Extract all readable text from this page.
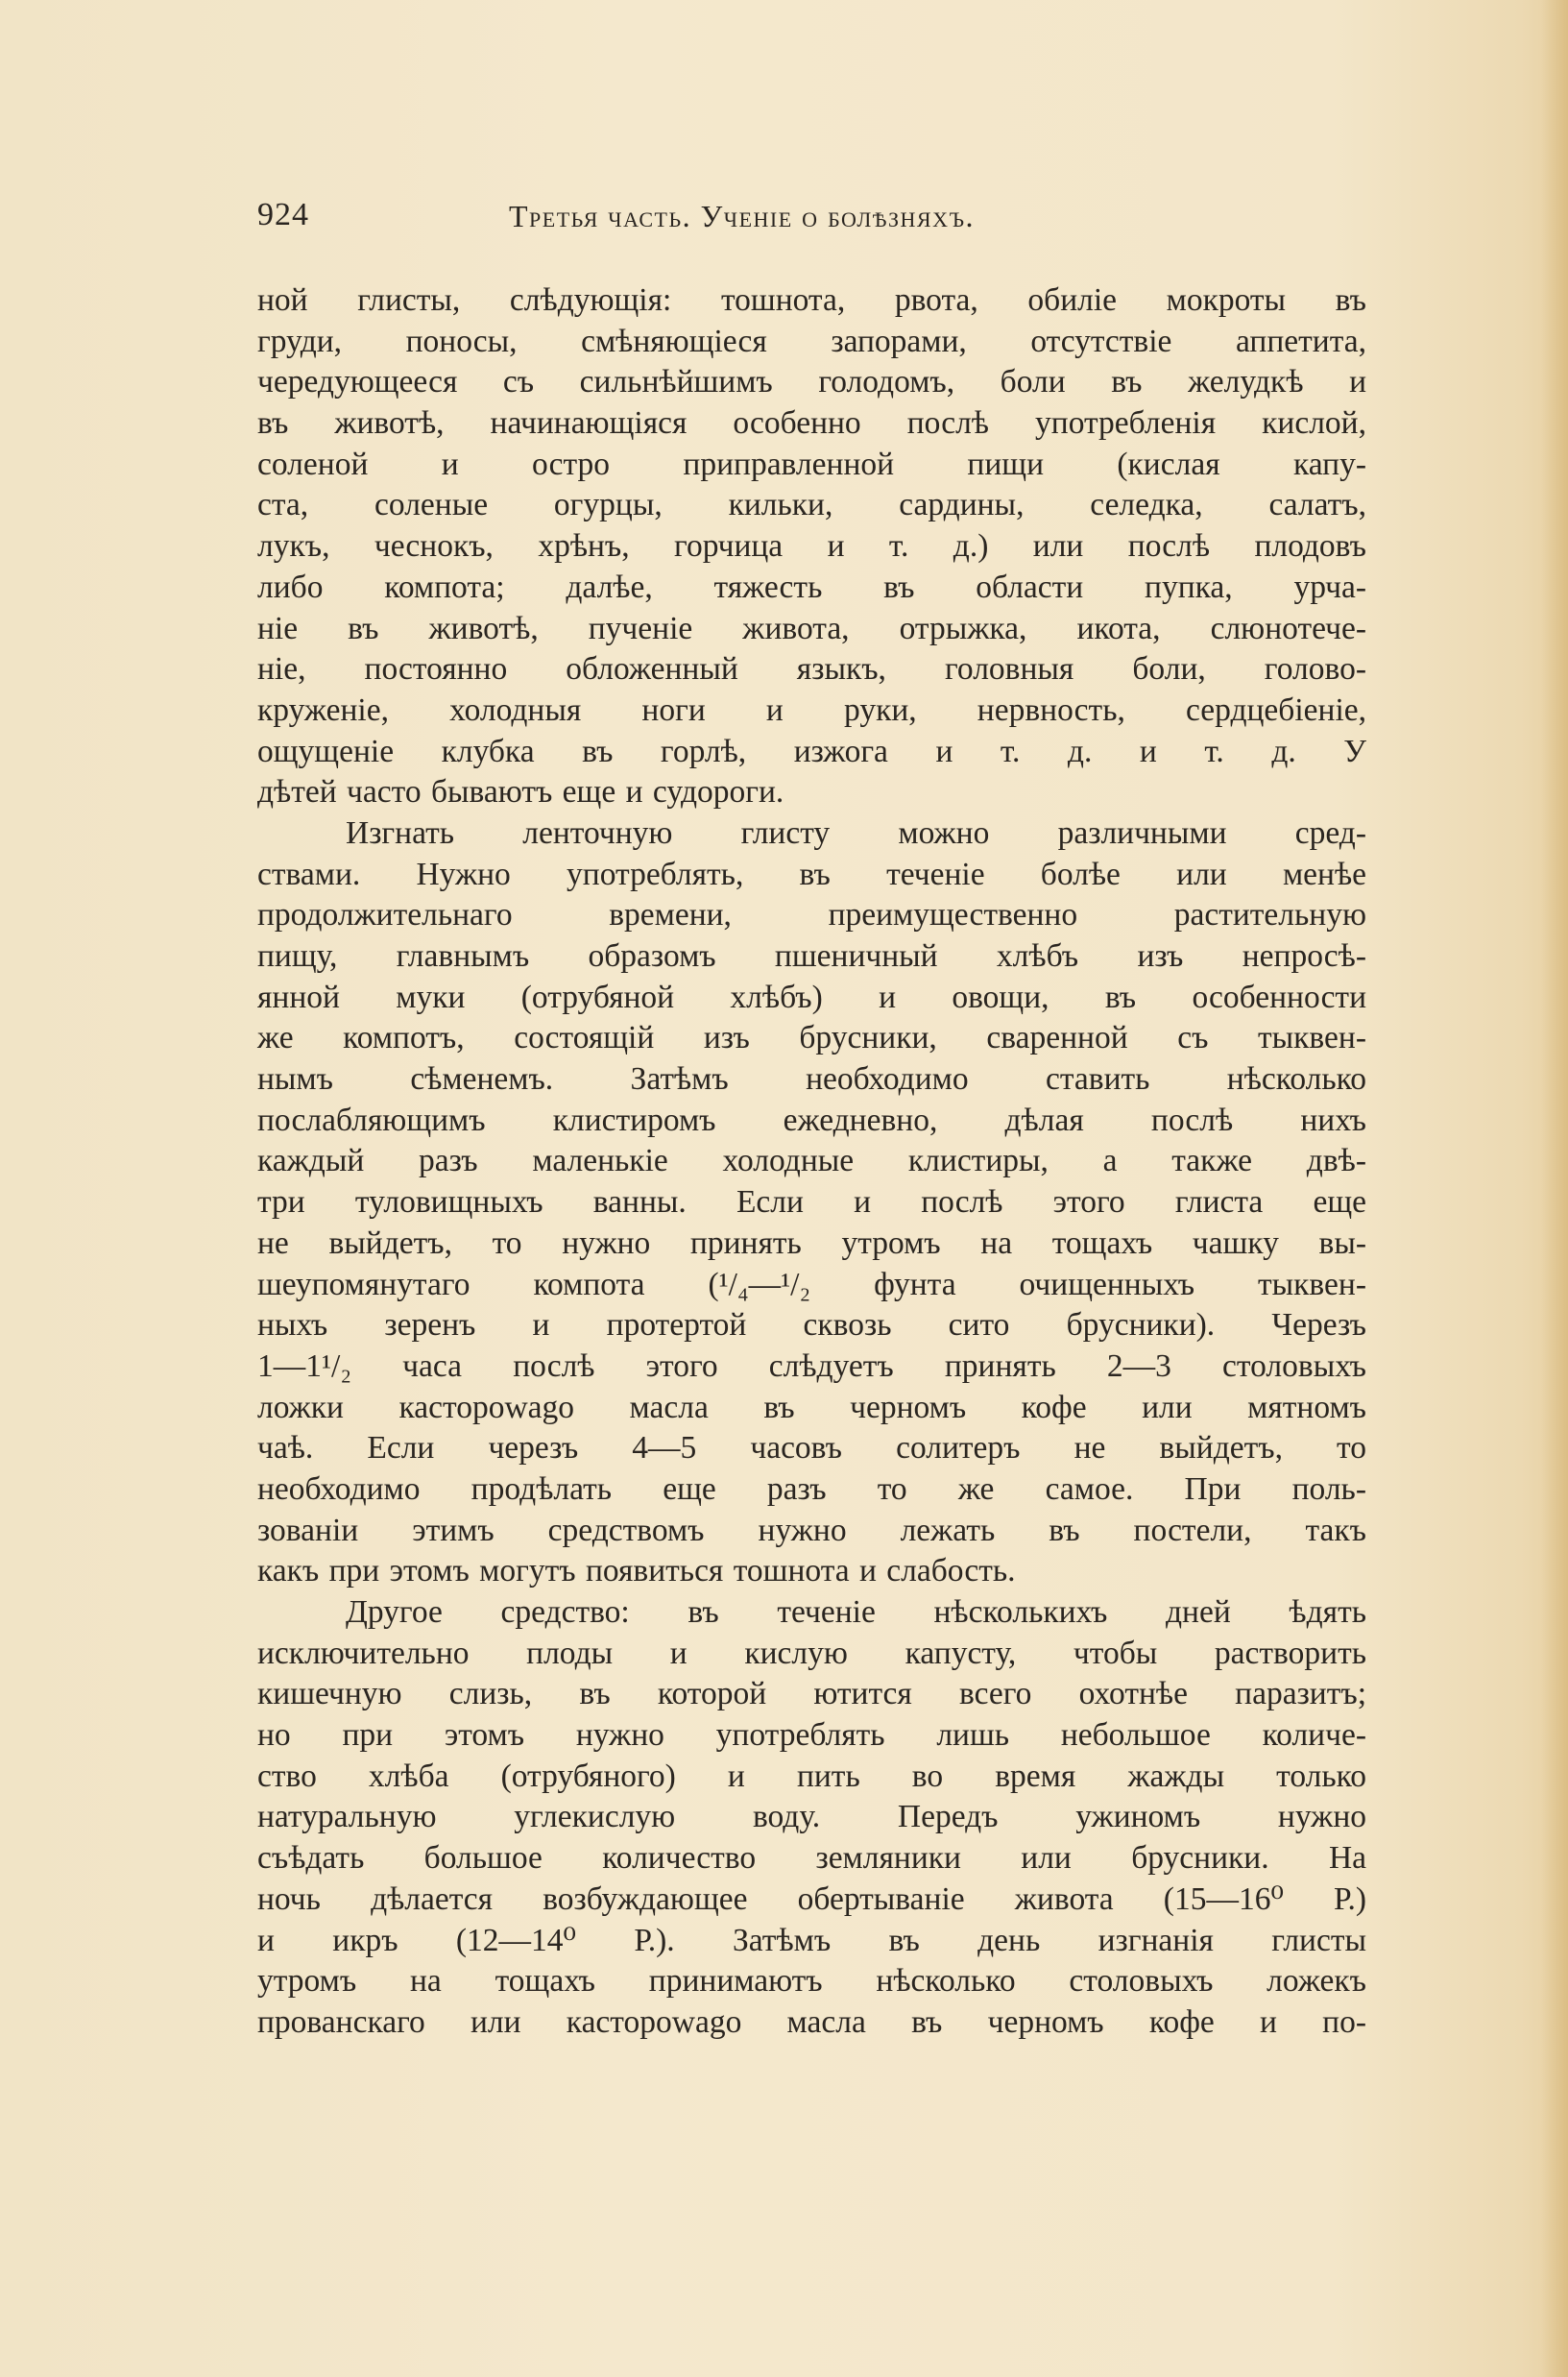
924	Третья часть. Ученіе о болѣзняхъ.
ной глисты, слѣдующія: тошнота, рвота, обиліе мокроты въ
груди, поносы, смѣняющіеся запорами, отсутствіе аппетита,
чередующееся съ сильнѣйшимъ голодомъ, боли въ желудкѣ и
въ животѣ, начинающіяся особенно послѣ употребленія кислой,
соленой и остро приправленной пищи (кислая капу-
ста, соленые огурцы, кильки, сардины, селедка, салатъ,
лукъ, чеснокъ, хрѣнъ, горчица и т. д.) или послѣ плодовъ
либо компота; далѣе, тяжесть въ области пупка, урча-
ніе въ животѣ, пученіе живота, отрыжка, икота, слюнотече-
ніе, постоянно обложенный языкъ, головныя боли, голово-
круженіе, холодныя ноги и руки, нервность, сердцебіеніе,
ощущеніе клубка въ горлѣ, изжога и т. д. и т. д. У
дѣтей часто бываютъ еще и судороги.
Изгнать ленточную глисту можно различными сред-
ствами. Нужно употреблять, въ теченіе болѣе или менѣе
продолжительнаго времени, преимущественно растительную
пищу, главнымъ образомъ пшеничный хлѣбъ изъ непросѣ-
янной муки (отрубяной хлѣбъ) и овощи, въ особенности
же компотъ, состоящій изъ брусники, сваренной съ тыквен-
нымъ сѣменемъ. Затѣмъ необходимо ставить нѣсколько
послабляющимъ клистиромъ ежедневно, дѣлая послѣ нихъ
каждый разъ маленькіе холодные клистиры, а также двѣ-
три туловищныхъ ванны. Если и послѣ этого глиста еще
не выйдетъ, то нужно принять утромъ на тощахъ чашку вы-
шеупомянутаго компота (¹/₄—¹/₂ фунта очищенныхъ тыквен-
ныхъ зеренъ и протертой сквозь сито брусники). Черезъ
1—1¹/₂ часа послѣ этого слѣдуетъ принять 2—3 столовыхъ
ложки касторowago масла въ черномъ кофе или мятномъ
чаѣ. Если черезъ 4—5 часовъ солитеръ не выйдетъ, то
необходимо продѣлать еще разъ то же самое. При поль-
зованіи этимъ средствомъ нужно лежать въ постели, такъ
какъ при этомъ могутъ появиться тошнота и слабость.
Другое средство: въ теченіе нѣсколькихъ дней ѣдять
исключительно плоды и кислую капусту, чтобы растворить
кишечную слизь, въ которой ютится всего охотнѣе паразитъ;
но при этомъ нужно употреблять лишь небольшое количе-
ство хлѣба (отрубяного) и пить во время жажды только
натуральную углекислую воду. Передъ ужиномъ нужно
съѣдать большое количество земляники или брусники. На
ночь дѣлается возбуждающее обертываніе живота (15—16⁰ Р.)
и икръ (12—14⁰ Р.). Затѣмъ въ день изгнанія глисты
утромъ на тощахъ принимаютъ нѣсколько столовыхъ ложекъ
прованскаго или касторowago масла въ черномъ кофе и по-
